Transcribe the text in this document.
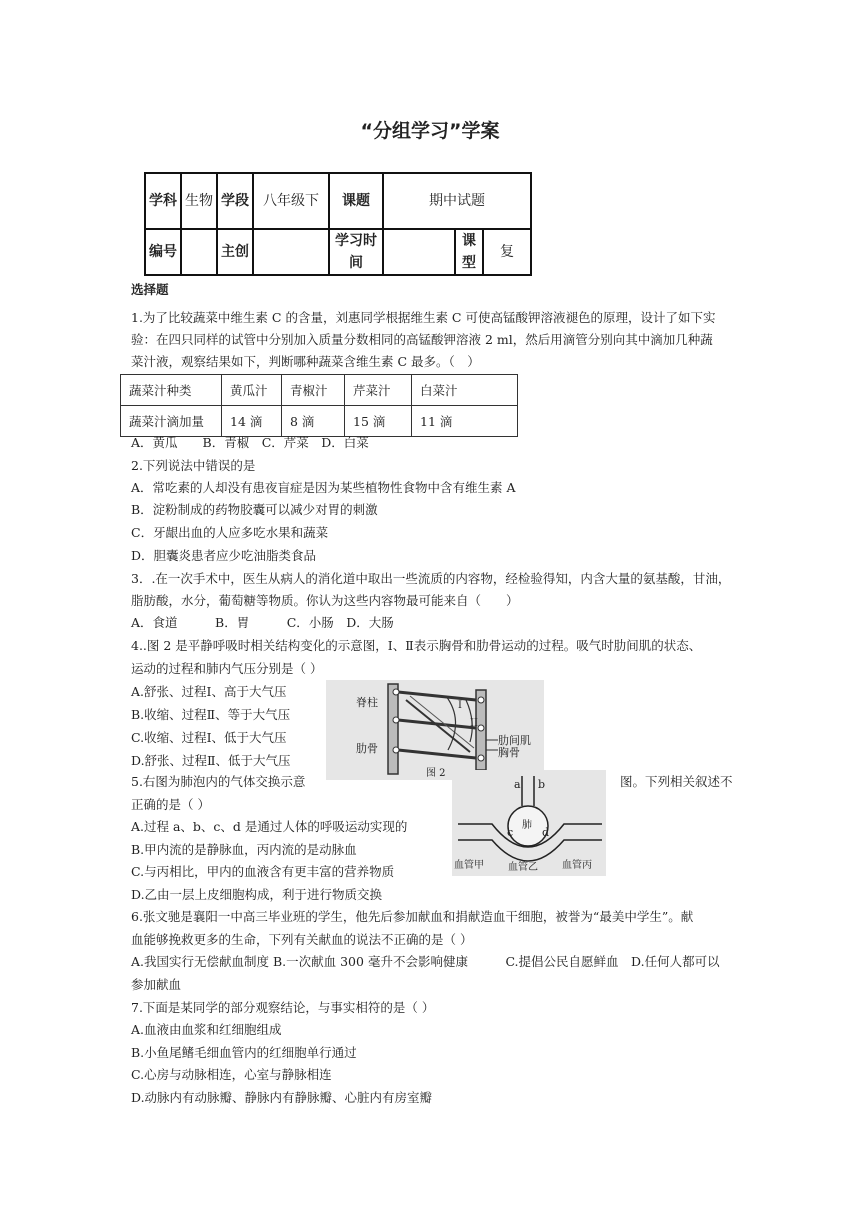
“分组学习”学案
学科	生物	学段	八年级下	课题	期中试题		
编号		主创		学习时间		课型	复
选择题
1.为了比较蔬菜中维生素 C 的含量，刘惠同学根据维生素 C 可使高锰酸钾溶液褪色的原理，设计了如下实
验：在四只同样的试管中分别加入质量分数相同的高锰酸钾溶液 2 ml，然后用滴管分别向其中滴加几种蔬
菜汁液，观察结果如下，判断哪种蔬菜含维生素 C 最多。（　）
蔬菜汁种类	黄瓜汁	青椒汁	芹菜汁	白菜汁
蔬菜汁滴加量	14 滴	8 滴	15 滴	11 滴
A．黄瓜　　B．青椒　C．芹菜　D．白菜
2.下列说法中错误的是
A．常吃素的人却没有患夜盲症是因为某些植物性食物中含有维生素 A
B．淀粉制成的药物胶囊可以减少对胃的刺激
C．牙龈出血的人应多吃水果和蔬菜
D．胆囊炎患者应少吃油脂类食品
3．.在一次手术中，医生从病人的消化道中取出一些流质的内容物，经检验得知，内含大量的氨基酸，甘油，
脂肪酸，水分，葡萄糖等物质。你认为这些内容物最可能来自（　　）
A．食道　　　B．胃　　　C．小肠　D．大肠
4..图 2 是平静呼吸时相关结构变化的示意图，Ⅰ、Ⅱ表示胸骨和肋骨运动的过程。吸气时肋间肌的状态、
运动的过程和肺内气压分别是（ ）
A.舒张、过程Ⅰ、高于大气压
B.收缩、过程Ⅱ、等于大气压
C.收缩、过程Ⅰ、低于大气压
D.舒张、过程Ⅱ、低于大气压
脊柱
肋骨
肋间肌
胸骨
图 2
I
II
5.右图为肺泡内的气体交换示意	图。下列相关叙述不
正确的是（ ）
A.过程 a、b、c、d 是通过人体的呼吸运动实现的
B.甲内流的是静脉血，丙内流的是动脉血
C.与丙相比，甲内的血液含有更丰富的营养物质
D.乙由一层上皮细胞构成，利于进行物质交换
a b
c	d
肺
血管甲 血管乙 血管丙
6.张文驰是襄阳一中高三毕业班的学生，他先后参加献血和捐献造血干细胞，被誉为“最美中学生”。献
血能够挽救更多的生命，下列有关献血的说法不正确的是（ ）
A.我国实行无偿献血制度 B.一次献血 300 毫升不会影响健康　　　C.提倡公民自愿鲜血　D.任何人都可以
参加献血
7.下面是某同学的部分观察结论，与事实相符的是（ ）
A.血液由血浆和红细胞组成
B.小鱼尾鳍毛细血管内的红细胞单行通过
C.心房与动脉相连，心室与静脉相连
D.动脉内有动脉瓣、静脉内有静脉瓣、心脏内有房室瓣
